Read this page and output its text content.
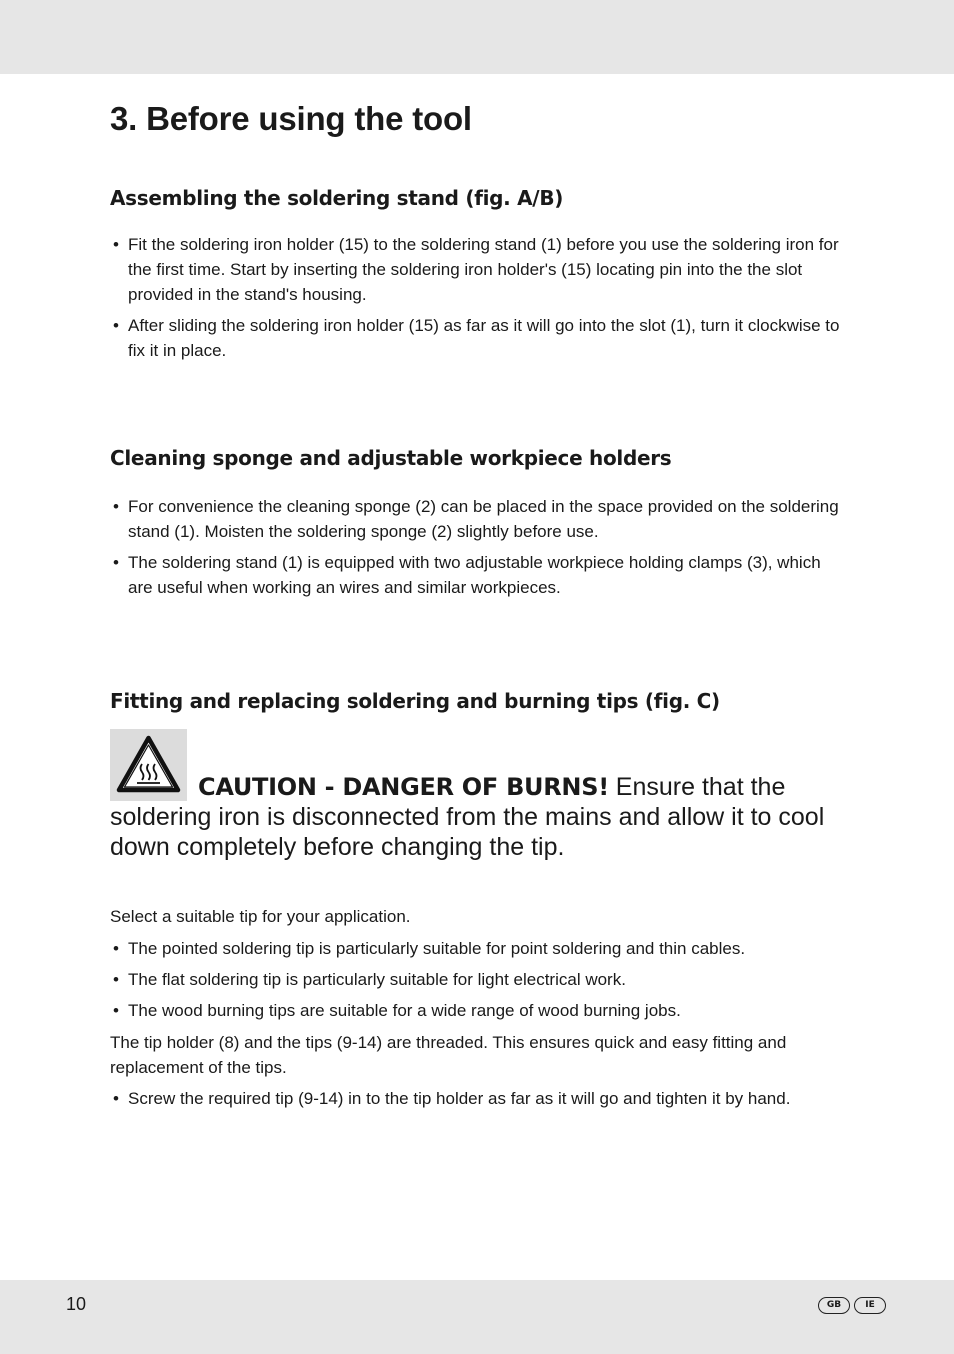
3. Before using the tool
Assembling the soldering stand (fig. A/B)
• Fit the soldering iron holder (15) to the soldering stand (1) before you use the soldering iron for the first time. Start by inserting the soldering iron holder's (15) locating pin into the the slot provided in the stand's housing.
• After sliding the soldering iron holder (15) as far as it will go into the slot (1), turn it clockwise to fix it in place.
Cleaning sponge and adjustable workpiece holders
• For convenience the cleaning sponge (2) can be placed in the space provided on the soldering stand (1). Moisten the soldering sponge (2) slightly before use.
• The soldering stand (1) is equipped with two adjustable workpiece holding clamps (3), which are useful when working an wires and similar workpieces.
Fitting and replacing soldering and burning tips (fig. C)

CAUTION - DANGER OF BURNS! Ensure that the soldering iron is disconnected from the mains and allow it to cool down completely before changing the tip.

Select a suitable tip for your application.

• The pointed soldering tip is particularly suitable for point soldering and thin cables.
• The flat soldering tip is particularly suitable for light electrical work.
• The wood burning tips are suitable for a wide range of wood burning jobs.

The tip holder (8) and the tips (9-14) are threaded. This ensures quick and easy fitting and replacement of the tips.

• Screw the required tip (9-14) in to the tip holder as far as it will go and tighten it by hand.
10	GB	IE
